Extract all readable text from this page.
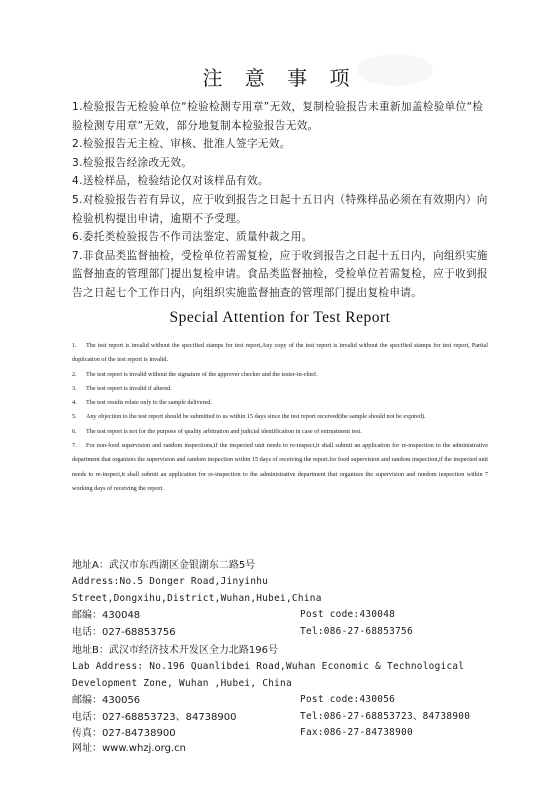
注 意 事 项

1.检验报告无检验单位“检验检测专用章”无效，复制检验报告未重新加盖检验单位“检验检测专用章”无效，部分地复制本检验报告无效。

2.检验报告无主检、审核、批准人签字无效。

3.检验报告经涂改无效。

4.送检样品，检验结论仅对该样品有效。

5.对检验报告若有异议，应于收到报告之日起十五日内（特殊样品必须在有效期内）向检验机构提出申请，逾期不予受理。

6.委托类检验报告不作司法鉴定、质量仲裁之用。

7.非食品类监督抽检，受检单位若需复检，应于收到报告之日起十五日内，向组织实施监督抽查的管理部门提出复检申请。食品类监督抽检，受检单位若需复检，应于收到报告之日起七个工作日内，向组织实施监督抽查的管理部门提出复检申请。

Special Attention for Test Report

1. The test report is invalid without the specified stamps for test report,Any copy of the test report is invalid without the specified stamps for test report, Partial duplication of the test report is invalid.

2. The test report is invalid without the signature of the approver checker and the tester-in-chief.

3. The test report is invalid if altered.

4. The test results relate only to the sample delivered.

5. Any objection to the test report should be submitted to us within 15 days since the test report received(the sample should not be expired).

6. The test report is not for the purpose of quality arbitration and judicial identification in case of entrustment test.

7. For non-food supervision and random inspections,if the inspected unit needs to re-inspect,it shall submit an application for re-inspection to the administrative department that organizes the supervision and random inspection within 15 days of receiving the report.for food supervision and random inspection,if the inspected unit needs to re-inspect,it shall submit an application for re-inspection to the administrative department that organizes the supervision and random inspection within 7 working days of receiving the report.

地址A：武汉市东西湖区金银湖东二路5号
Address:No.5 Donger Road,Jinyinhu
Street,Dongxihu,District,Wuhan,Hubei,China
邮编：430048	Post code:430048
电话：027-68853756	Tel:086-27-68853756
地址B：武汉市经济技术开发区全力北路196号
Lab Address: No.196 Quanlibdei Road,Wuhan Economic & Technological
Development Zone, Wuhan ,Hubei, China
邮编：430056	Post code:430056
电话：027-68853723、84738900	Tel:086-27-68853723、84738900
传真：027-84738900	Fax:086-27-84738900
网址：www.whzj.org.cn
